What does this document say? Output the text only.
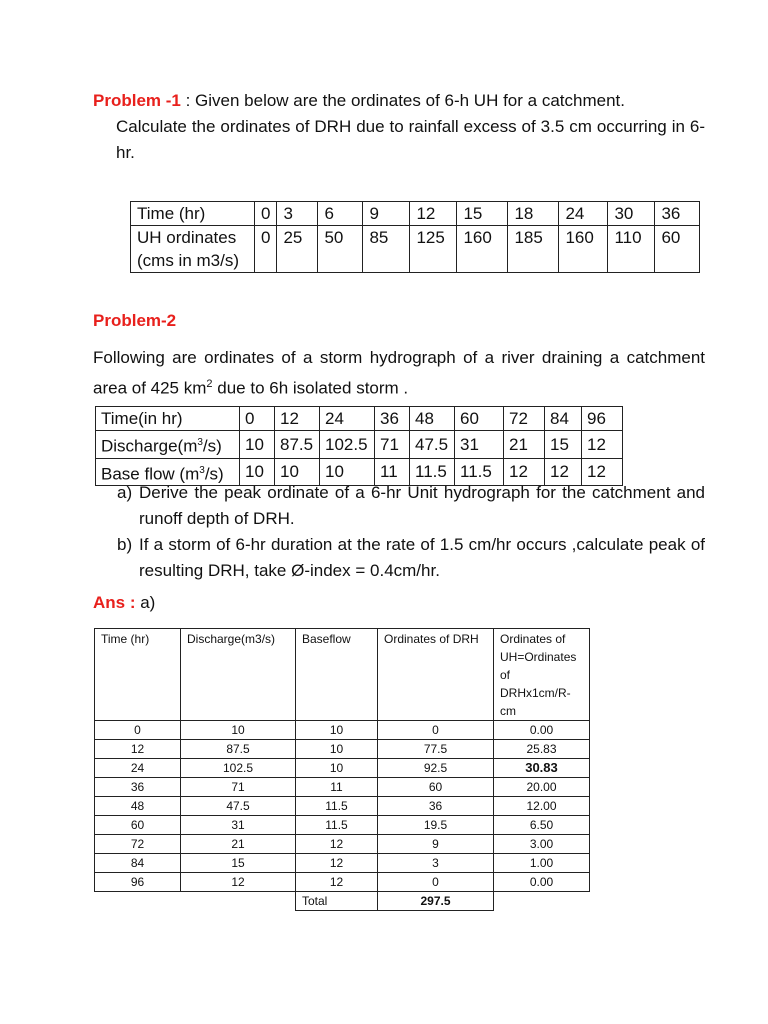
Problem -1 : Given below are the ordinates of 6-h UH for a catchment.
Calculate the ordinates of DRH due to rainfall excess of 3.5 cm occurring in 6-hr.
Time (hr)	0	3	6	9	12	15	18	24	30	36
UH ordinates (cms in m3/s)	0	25	50	85	125	160	185	160	110	60
Problem-2
Following are ordinates of a storm hydrograph of a river draining a catchment area of 425 $km^2$ due to 6h isolated storm .
Time(in hr)	0	12	24	36	48	60	72	84	96
$Discharge(m^3/s)$	10	87.5	102.5	71	47.5	31	21	15	12
Base flow $(m^3/s)$	10	10	10	11	11.5	11.5	12	12	12
a) Derive the peak ordinate of a 6-hr Unit hydrograph for the catchment and runoff depth of DRH.
b) If a storm of 6-hr duration at the rate of 1.5 cm/hr occurs ,calculate peak of resulting DRH, take Ø-index = 0.4cm/hr.
Ans : a)
Time (hr)	Discharge(m3/s)	Baseflow	Ordinates of DRH	Ordinates of UH=Ordinates of DRHx1cm/R-cm
0	10	10	0	0.00
12	87.5	10	77.5	25.83
24	102.5	10	92.5	30.83
36	71	11	60	20.00
48	47.5	11.5	36	12.00
60	31	11.5	19.5	6.50
72	21	12	9	3.00
84	15	12	3	1.00
96	12	12	0	0.00
		Total	297.5	
